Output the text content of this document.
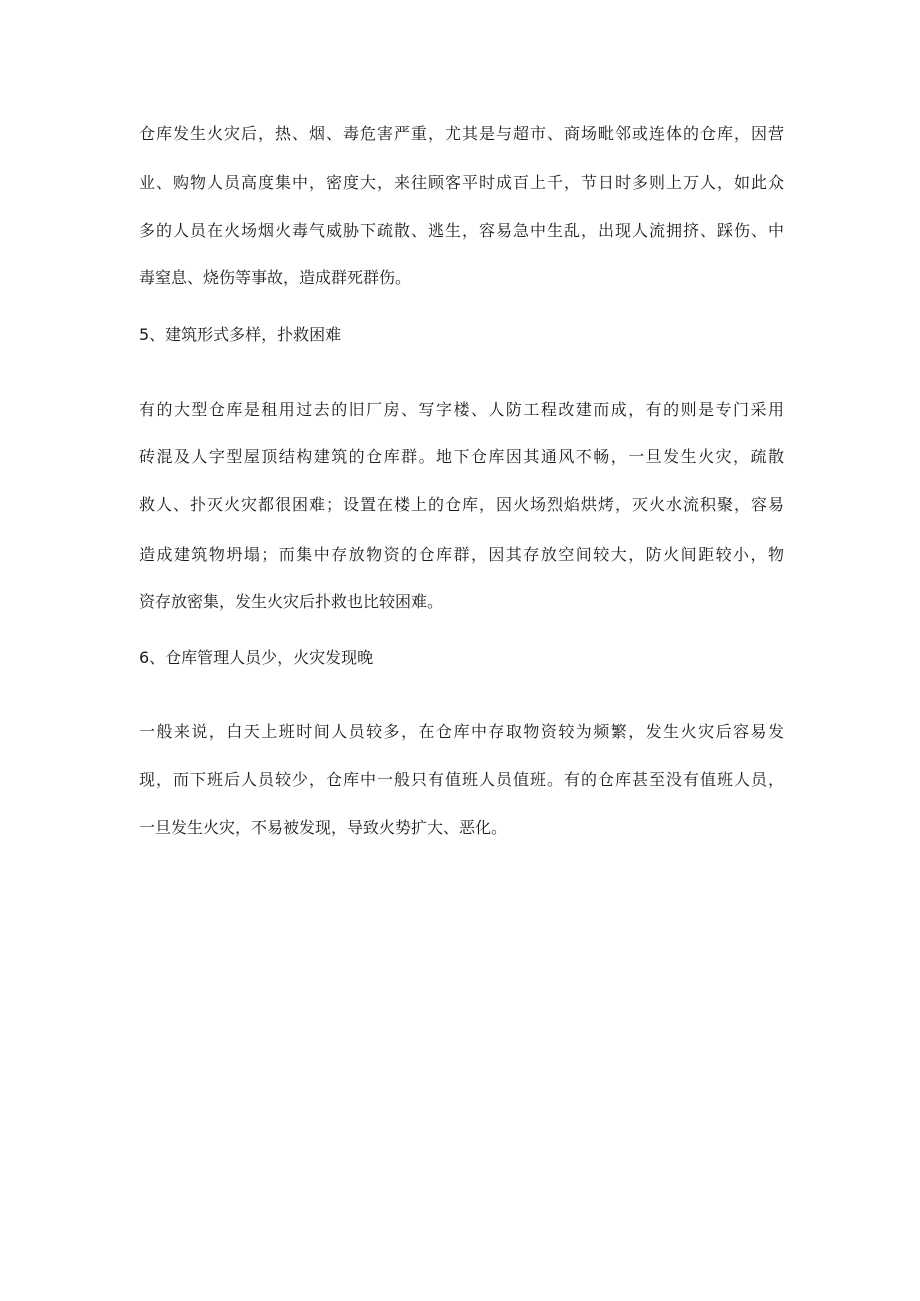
仓库发生火灾后，热、烟、毒危害严重，尤其是与超市、商场毗邻或连体的仓库，因营
业、购物人员高度集中，密度大，来往顾客平时成百上千，节日时多则上万人，如此众
多的人员在火场烟火毒气威胁下疏散、逃生，容易急中生乱，出现人流拥挤、踩伤、中
毒窒息、烧伤等事故，造成群死群伤。
5、建筑形式多样，扑救困难
有的大型仓库是租用过去的旧厂房、写字楼、人防工程改建而成，有的则是专门采用
砖混及人字型屋顶结构建筑的仓库群。地下仓库因其通风不畅，一旦发生火灾，疏散
救人、扑灭火灾都很困难；设置在楼上的仓库，因火场烈焰烘烤，灭火水流积聚，容易
造成建筑物坍塌；而集中存放物资的仓库群，因其存放空间较大，防火间距较小，物
资存放密集，发生火灾后扑救也比较困难。
6、仓库管理人员少，火灾发现晚
一般来说，白天上班时间人员较多，在仓库中存取物资较为频繁，发生火灾后容易发
现，而下班后人员较少，仓库中一般只有值班人员值班。有的仓库甚至没有值班人员，
一旦发生火灾，不易被发现，导致火势扩大、恶化。
